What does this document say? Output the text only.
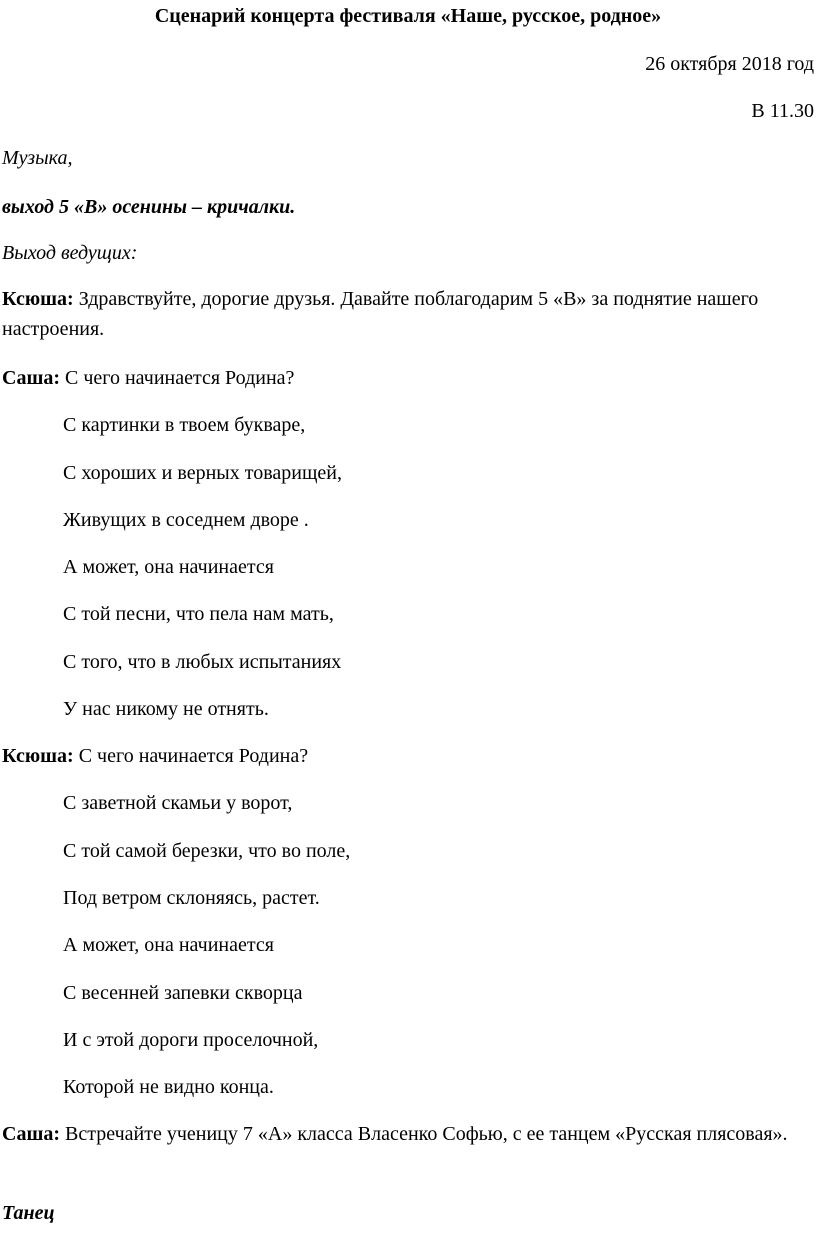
Сценарий концерта фестиваля «Наше, русское, родное»
26 октября 2018 год
В 11.30
Музыка,
выход 5 «В» осенины – кричалки.
Выход ведущих:
Ксюша: Здравствуйте, дорогие друзья. Давайте поблагодарим 5 «В» за поднятие нашего настроения.
Саша: С чего начинается Родина?
С картинки в твоем букваре,
С хороших и верных товарищей,
Живущих в соседнем дворе .
А может, она начинается
С той песни, что пела нам мать,
С того, что в любых испытаниях
У нас никому не отнять.
Ксюша: С чего начинается Родина?
С заветной скамьи у ворот,
С той самой березки, что во поле,
Под ветром склоняясь, растет.
А может, она начинается
С весенней запевки скворца
И с этой дороги проселочной,
Которой не видно конца.
Саша: Встречайте ученицу 7 «А» класса Власенко Софью, с ее танцем «Русская плясовая».
Танец
